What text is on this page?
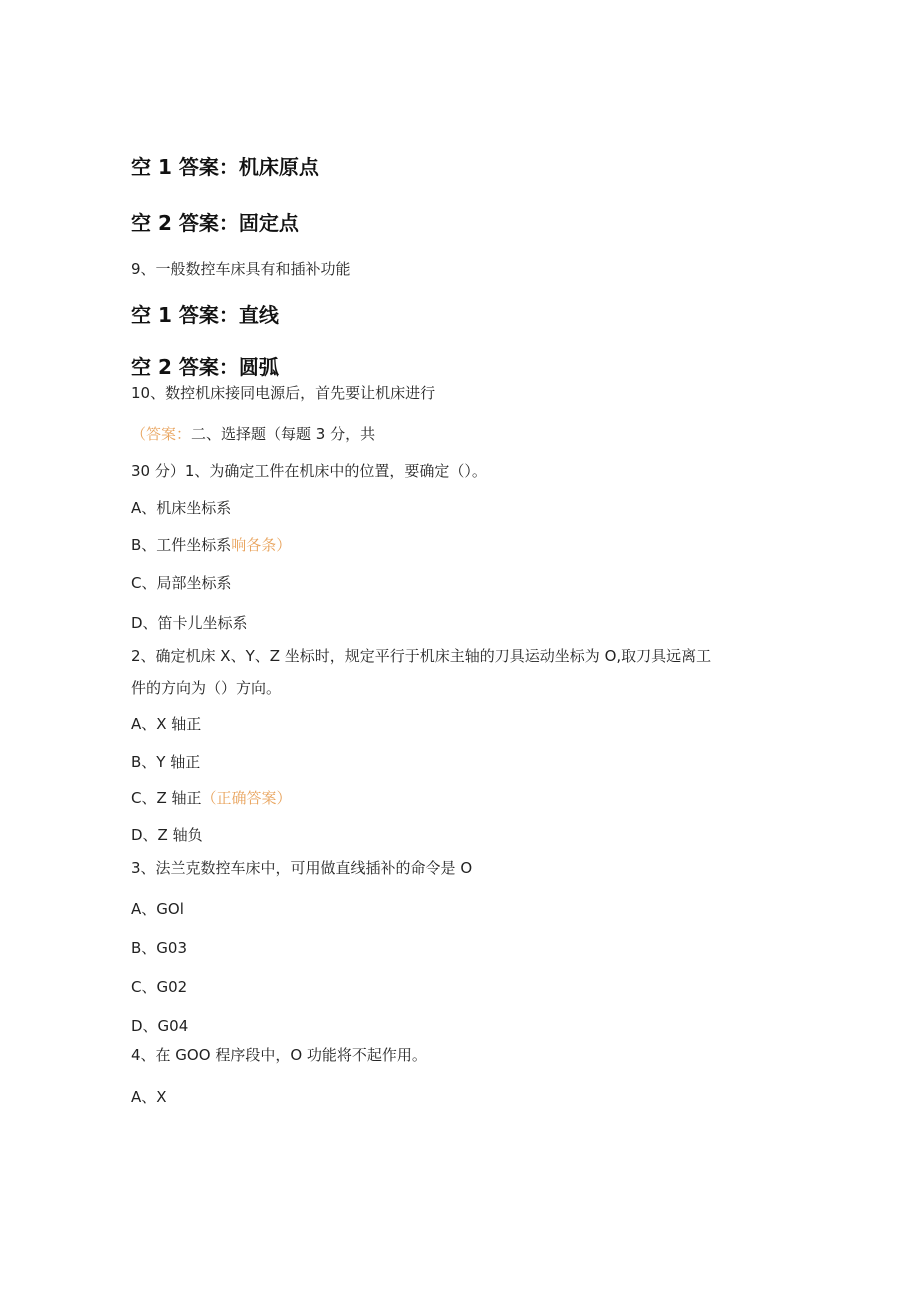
空 1 答案：机床原点
空 2 答案：固定点
9、一般数控车床具有和插补功能
空 1 答案：直线
空 2 答案：圆弧
10、数控机床接同电源后，首先要让机床进行
（答案：二、选择题（每题 3 分，共
30 分）1、为确定工件在机床中的位置，要确定（）。
A、机床坐标系
B、工件坐标系响各条）
C、局部坐标系
D、笛卡儿坐标系
2、确定机床 X、Y、Z 坐标时，规定平行于机床主轴的刀具运动坐标为 O,取刀具远离工
件的方向为（）方向。
A、X 轴正
B、Y 轴正
C、Z 轴正（正确答案）
D、Z 轴负
3、法兰克数控车床中，可用做直线插补的命令是 O
A、GOl
B、G03
C、G02
D、G04
4、在 GOO 程序段中，O 功能将不起作用。
A、X
